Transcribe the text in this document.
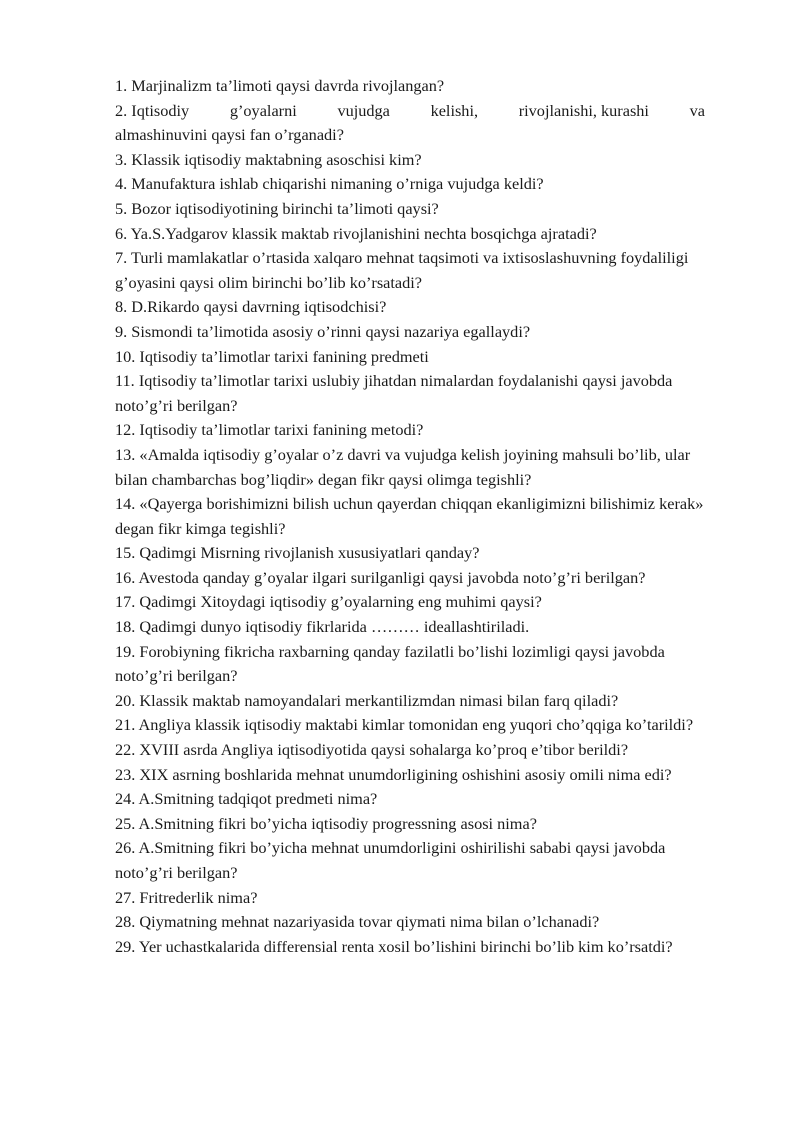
1. Marjinalizm ta’limoti qaysi davrda rivojlangan?

2. Iqtisodiy g’oyalarni vujudga kelishi, rivojlanishi, kurashi va
almashinuvini qaysi fan o’rganadi?

3. Klassik iqtisodiy maktabning asoschisi kim?

4. Manufaktura ishlab chiqarishi nimaning o’rniga vujudga keldi?

5. Bozor iqtisodiyotining birinchi ta’limoti qaysi?

6. Ya.S.Yadgarov klassik maktab rivojlanishini nechta bosqichga ajratadi?

7. Turli mamlakatlar o’rtasida xalqaro mehnat taqsimoti va ixtisoslashuvning foydaliligi g’oyasini qaysi olim birinchi bo’lib ko’rsatadi?

8. D.Rikardo qaysi davrning iqtisodchisi?

9. Sismondi ta’limotida asosiy o’rinni qaysi nazariya egallaydi?

10. Iqtisodiy ta’limotlar tarixi fanining predmeti

11. Iqtisodiy ta’limotlar tarixi uslubiy jihatdan nimalardan foydalanishi qaysi javobda noto’g’ri berilgan?

12. Iqtisodiy ta’limotlar tarixi fanining metodi?

13. «Amalda iqtisodiy g’oyalar o’z davri va vujudga kelish joyining mahsuli bo’lib, ular bilan chambarchas bog’liqdir» degan fikr qaysi olimga tegishli?

14. «Qayerga borishimizni bilish uchun qayerdan chiqqan ekanligimizni bilishimiz kerak» degan fikr kimga tegishli?

15. Qadimgi Misrning rivojlanish xususiyatlari qanday?

16. Avestoda qanday g’oyalar ilgari surilganligi qaysi javobda noto’g’ri berilgan?

17. Qadimgi Xitoydagi iqtisodiy g’oyalarning eng muhimi qaysi?

18. Qadimgi dunyo iqtisodiy fikrlarida ……… ideallashtiriladi.

19. Forobiyning fikricha raxbarning qanday fazilatli bo’lishi lozimligi qaysi javobda noto’g’ri berilgan?

20. Klassik maktab namoyandalari merkantilizmdan nimasi bilan farq qiladi?

21. Angliya klassik iqtisodiy maktabi kimlar tomonidan eng yuqori cho’qqiga ko’tarildi?

22. XVIII asrda Angliya iqtisodiyotida qaysi sohalarga ko’proq e’tibor berildi?

23. XIX asrning boshlarida mehnat unumdorligining oshishini asosiy omili nima edi?

24. A.Smitning tadqiqot predmeti nima?

25. A.Smitning fikri bo’yicha iqtisodiy progressning asosi nima?

26. A.Smitning fikri bo’yicha mehnat unumdorligini oshirilishi sababi qaysi javobda noto’g’ri berilgan?

27. Fritrederlik nima?

28. Qiymatning mehnat nazariyasida tovar qiymati nima bilan o’lchanadi?

29. Yer uchastkalarida differensial renta xosil bo’lishini birinchi bo’lib kim ko’rsatdi?
